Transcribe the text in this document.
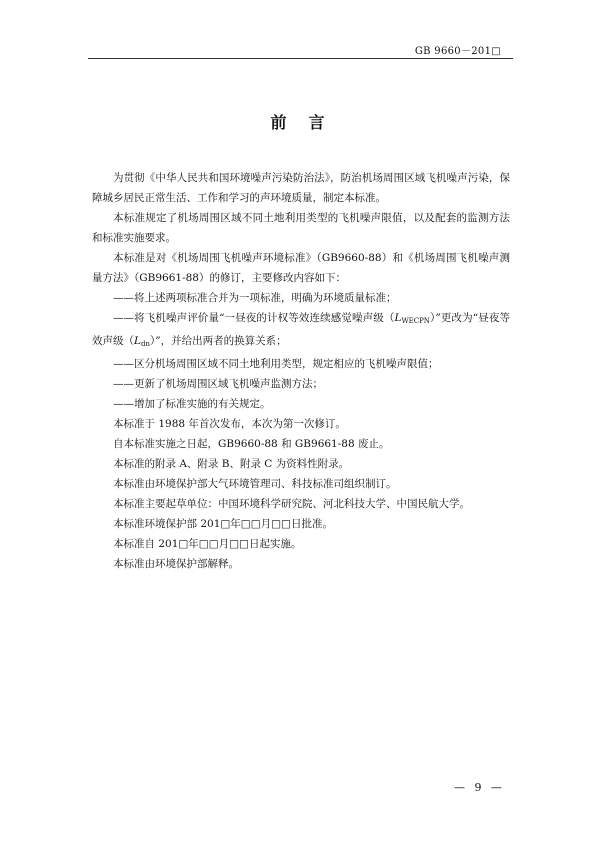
GB 9660－201□
前言

为贯彻《中华人民共和国环境噪声污染防治法》，防治机场周围区域飞机噪声污染，保障城乡居民正常生活、工作和学习的声环境质量，制定本标准。

本标准规定了机场周围区域不同土地利用类型的飞机噪声限值，以及配套的监测方法和标准实施要求。

本标准是对《机场周围飞机噪声环境标准》（GB9660-88）和《机场周围飞机噪声测量方法》（GB9661-88）的修订，主要修改内容如下：

——将上述两项标准合并为一项标准，明确为环境质量标准；

——将飞机噪声评价量“一昼夜的计权等效连续感觉噪声级$(L_{WECPN})$”更改为“昼夜等效声级$(L_{dn})$”，并给出两者的换算关系；

——区分机场周围区域不同土地利用类型，规定相应的飞机噪声限值；

——更新了机场周围区域飞机噪声监测方法；

——增加了标准实施的有关规定。

本标准于 1988 年首次发布，本次为第一次修订。

自本标准实施之日起，GB9660-88 和 GB9661-88 废止。

本标准的附录 A、附录 B、附录 C 为资料性附录。

本标准由环境保护部大气环境管理司、科技标准司组织制订。

本标准主要起草单位：中国环境科学研究院、河北科技大学、中国民航大学。

本标准环境保护部 201□年□□月□□日批准。

本标准自 201□年□□月□□日起实施。

本标准由环境保护部解释。

— 9 —
